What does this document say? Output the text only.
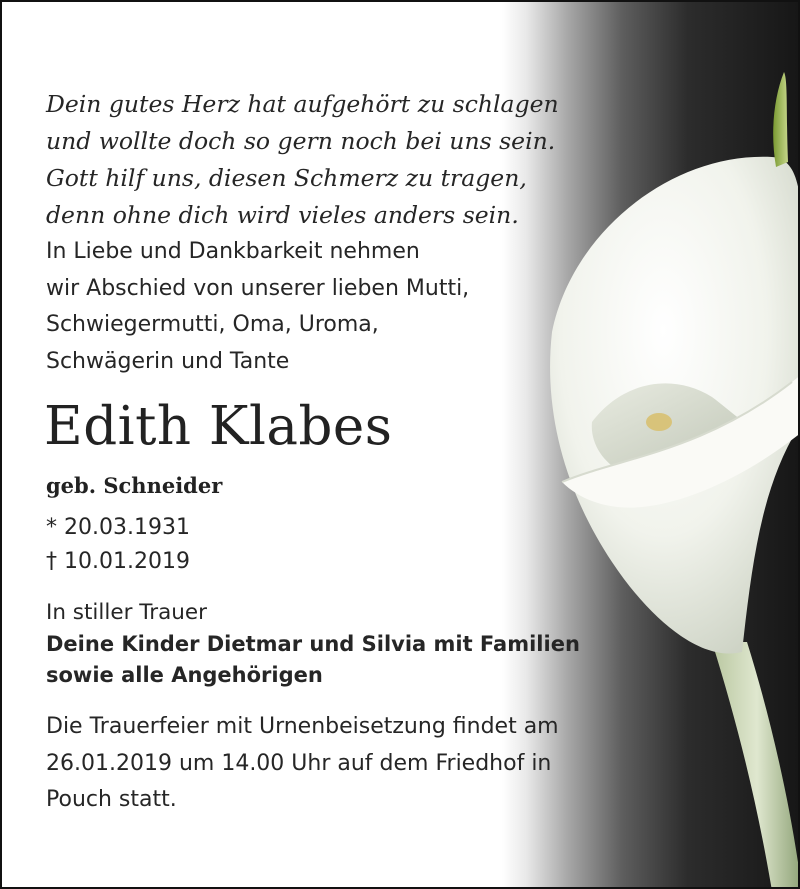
Dein gutes Herz hat aufgehört zu schlagen
und wollte doch so gern noch bei uns sein.
Gott hilf uns, diesen Schmerz zu tragen,
denn ohne dich wird vieles anders sein.
In Liebe und Dankbarkeit nehmen
wir Abschied von unserer lieben Mutti,
Schwiegermutti, Oma, Uroma,
Schwägerin und Tante
Edith Klabes
geb. Schneider
* 20.03.1931
† 10.01.2019
In stiller Trauer
Deine Kinder Dietmar und Silvia mit Familien
sowie alle Angehörigen
Die Trauerfeier mit Urnenbeisetzung findet am
26.01.2019 um 14.00 Uhr auf dem Friedhof in
Pouch statt.
